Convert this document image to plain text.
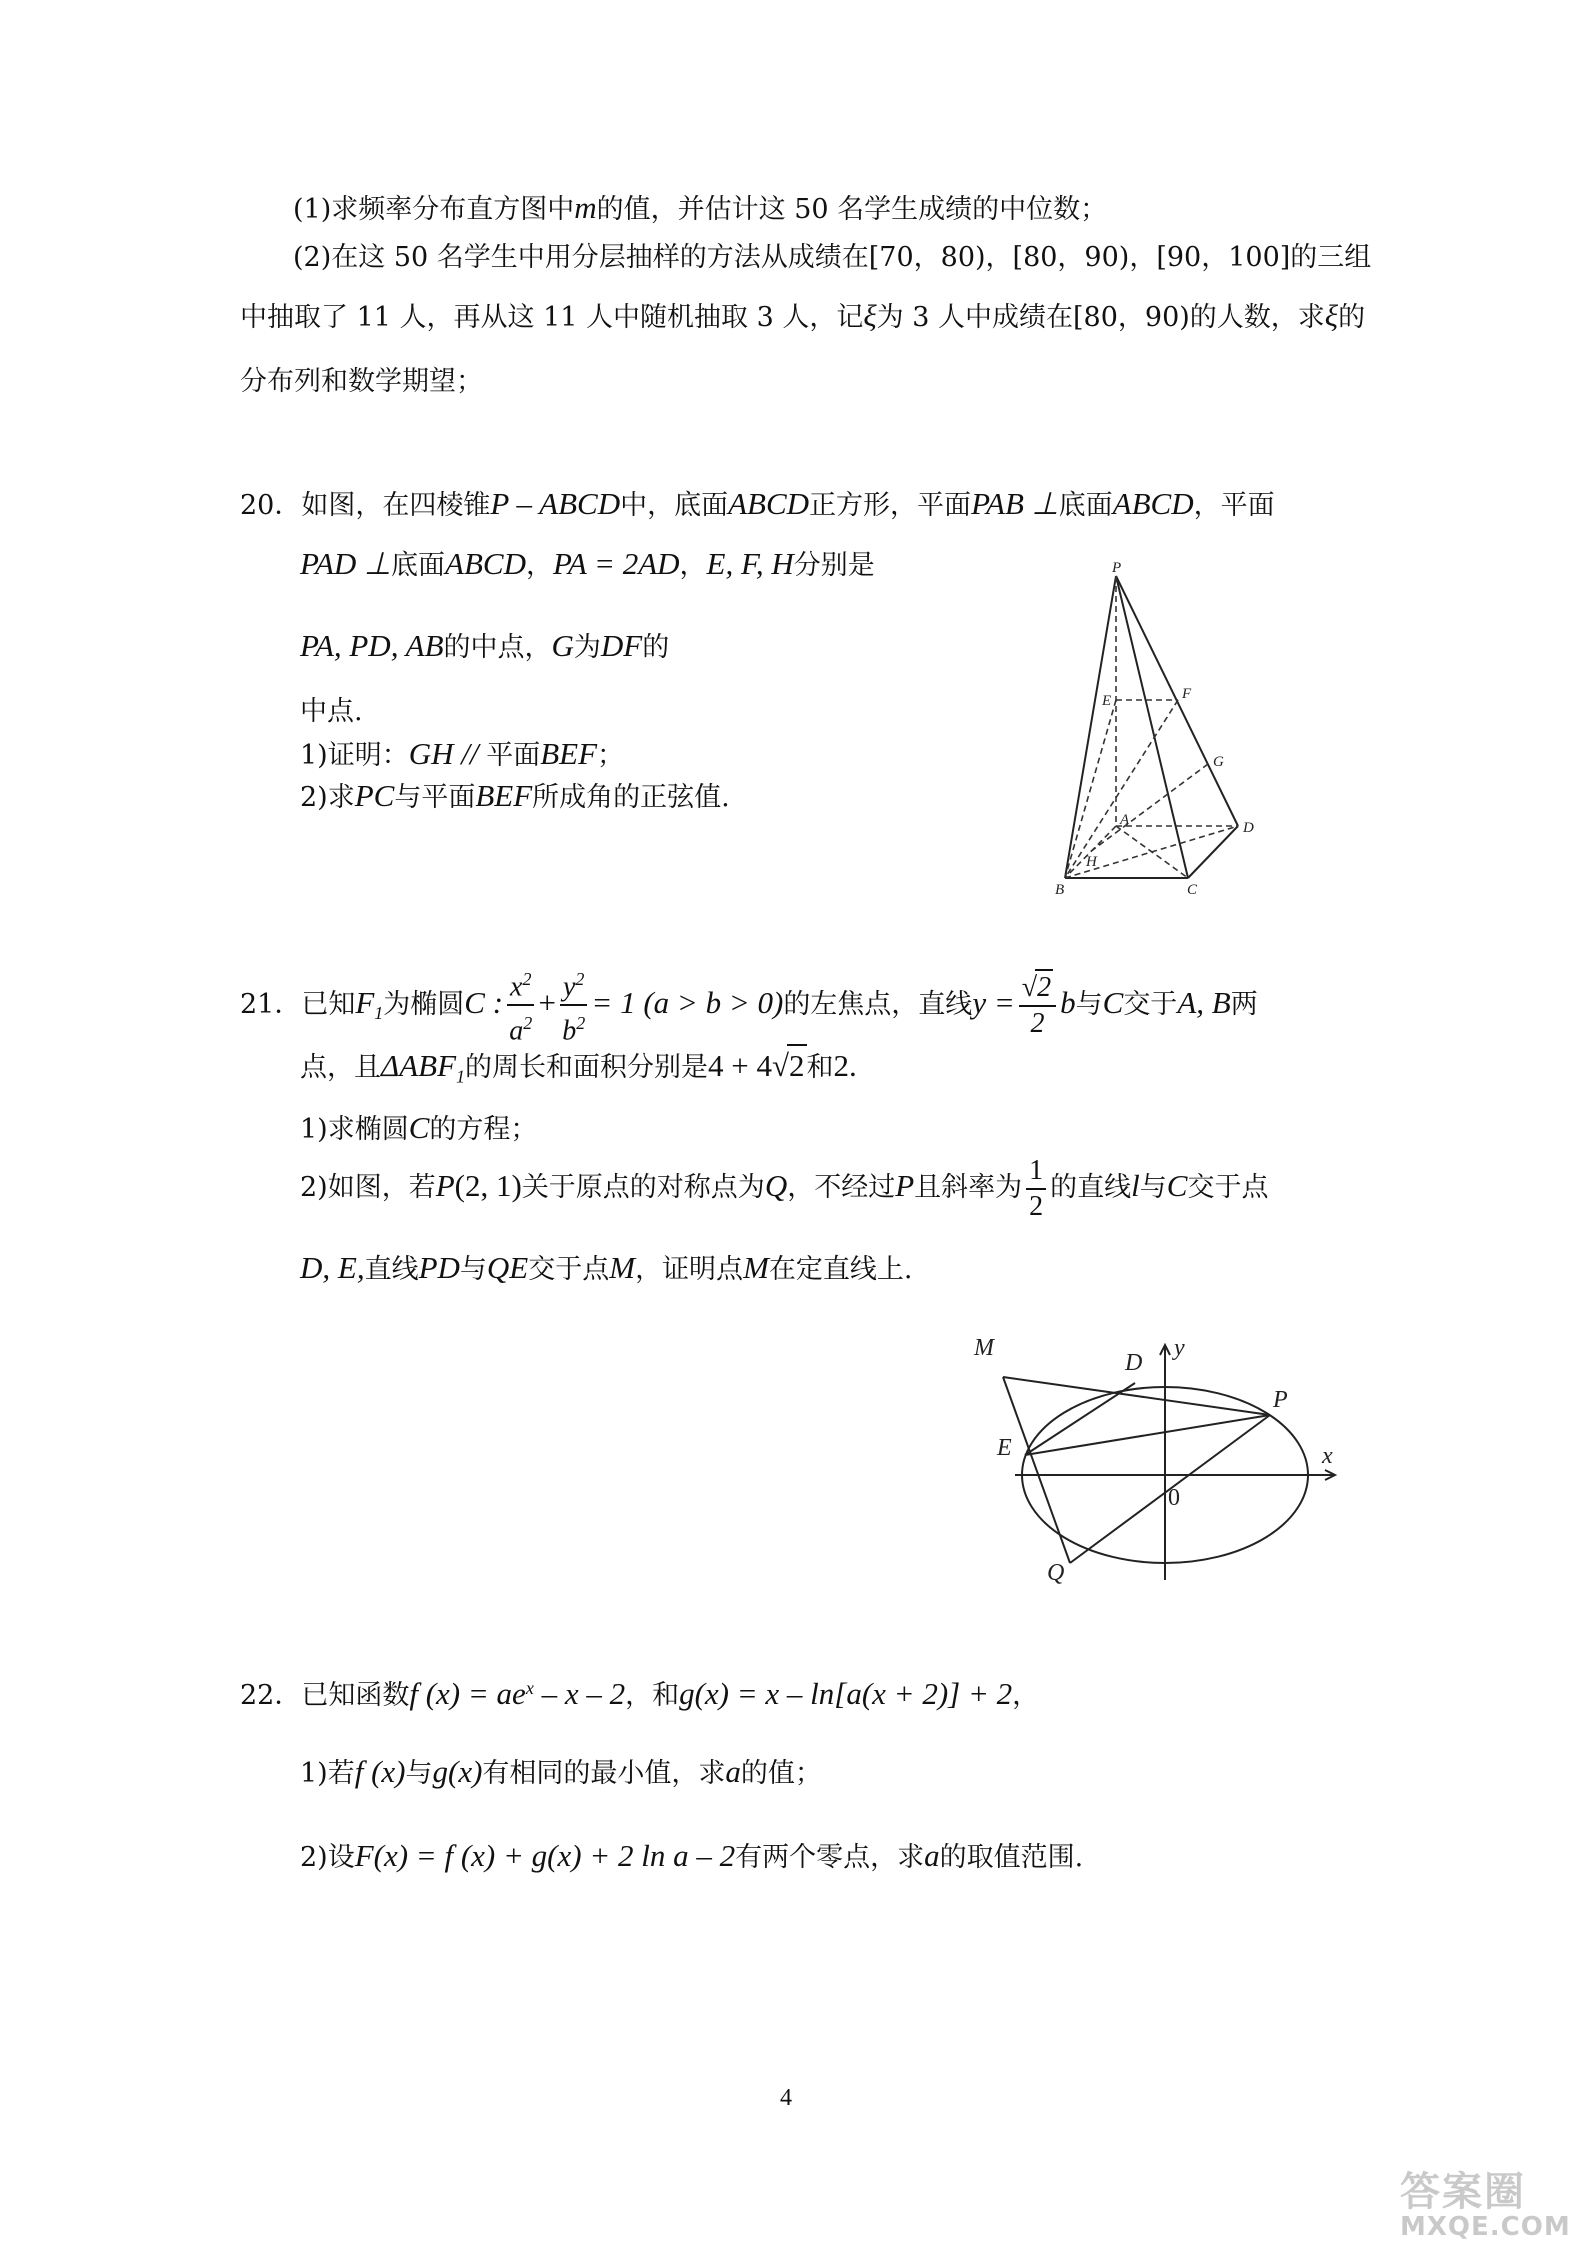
(1)求频率分布直方图中m的值，并估计这 50 名学生成绩的中位数；
(2)在这 50 名学生中用分层抽样的方法从成绩在[70，80)，[80，90)，[90，100]的三组
中抽取了 11 人，再从这 11 人中随机抽取 3 人，记ξ为 3 人中成绩在[80，90)的人数，求ξ的
分布列和数学期望；
20．如图，在四棱锥P – ABCD中，底面ABCD正方形，平面PAB ⊥底面ABCD，平面
PAD ⊥底面ABCD，PA = 2AD，E, F, H分别是
PA, PD, AB的中点，G为DF的
中点.
1)证明：GH // 平面BEF；
2)求PC与平面BEF所成角的正弦值.
P
E	F
G
A
H
B	C
D
21．已知$F_1$为椭圆C : $\frac{x^2}{a^2} + \frac{y^2}{b^2} = 1$ (a > b > 0)的左焦点，直线$y = \frac{√2}{2}$ b与C交于A, B两
点，且$\Delta ABF_1$的周长和面积分别是4 + 4√2和2.
1)求椭圆C的方程；
2)如图，若P(2, 1)关于原点的对称点为Q，不经过P且斜率为 $\frac{1}{2}$ 的直线l与C交于点
D, E,直线PD与QE交于点M，证明点M在定直线上.
M
D
y
P
E	x
0
Q
22．已知函数f $(x) = ae^x - x - 2$，和g(x) = x – ln[a(x + 2)] + 2，
1)若f (x)与g(x)有相同的最小值，求a的值；
2)设F(x) = f (x) + g(x) + 2 ln a – 2有两个零点，求a的取值范围.
4
答案圈
MXQE.COM
